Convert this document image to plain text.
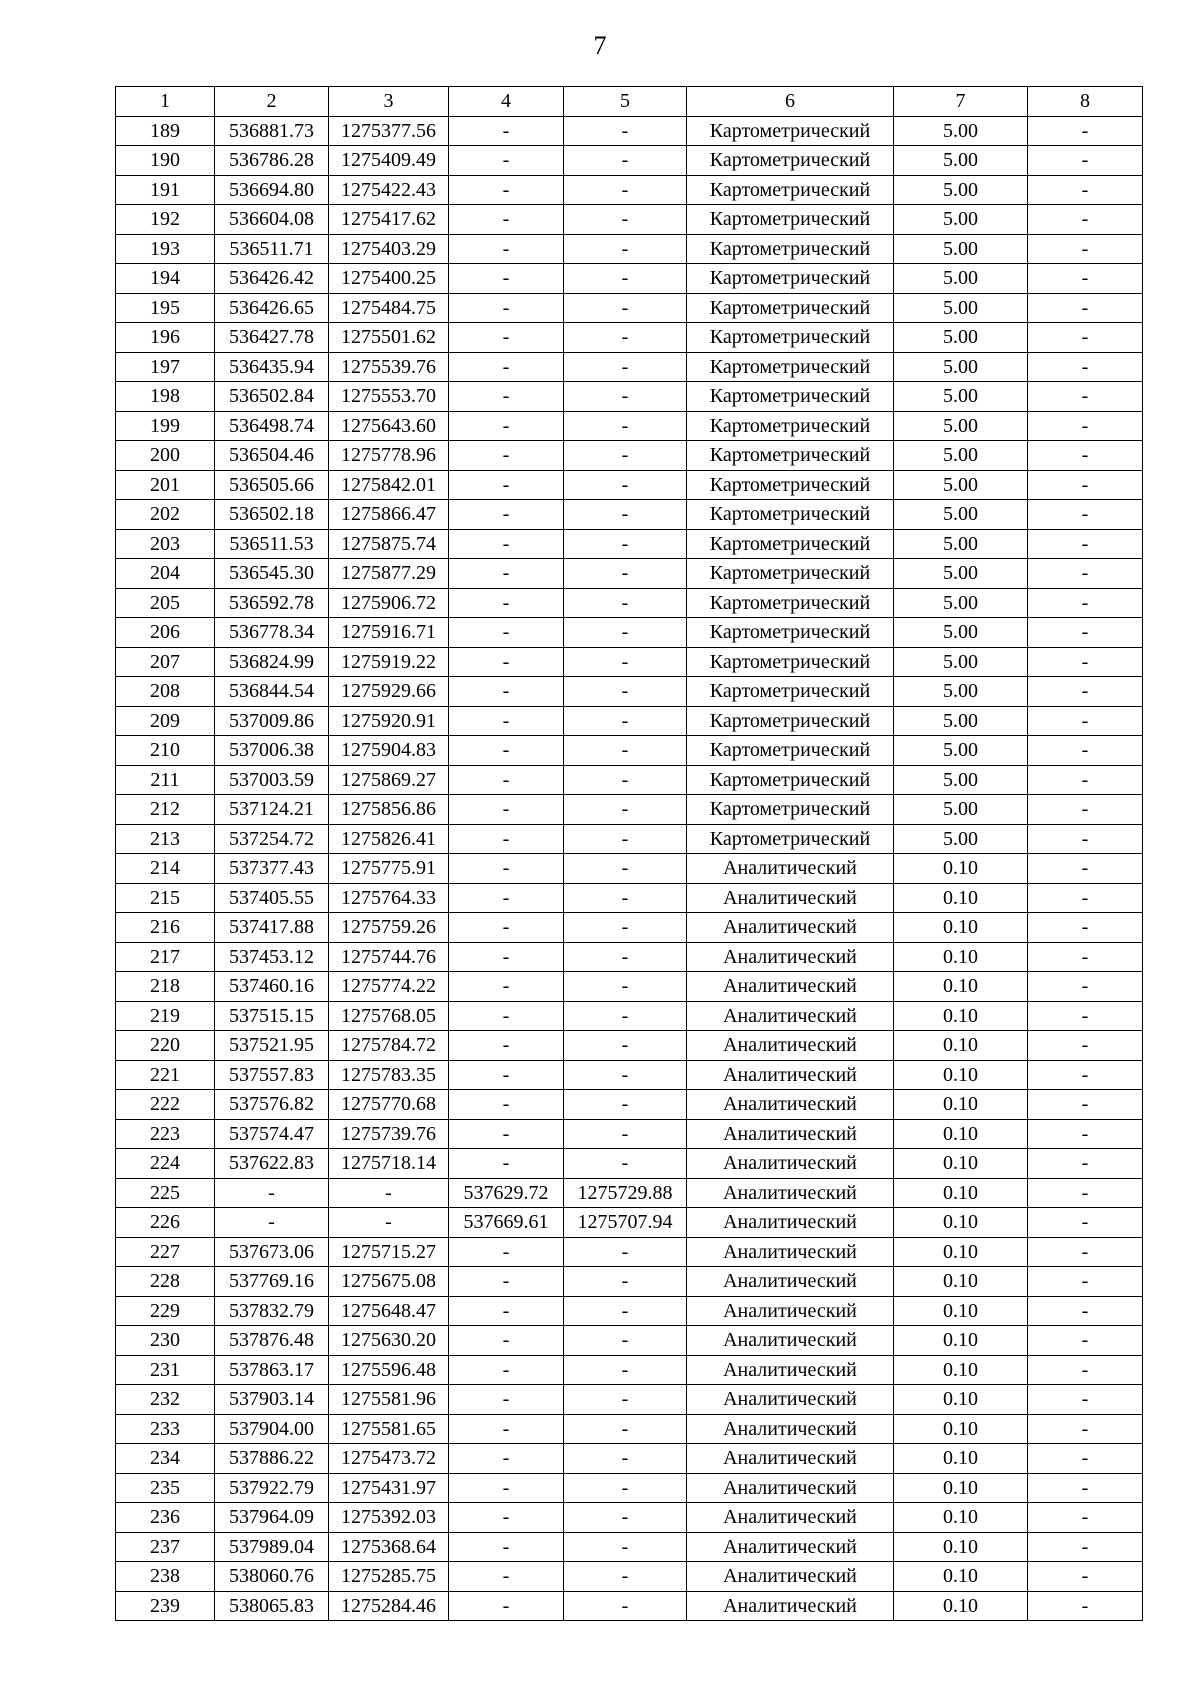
7
1	2	3	4	5	6	7	8
189	536881.73	1275377.56	-	-	Картометрический	5.00	-
190	536786.28	1275409.49	-	-	Картометрический	5.00	-
191	536694.80	1275422.43	-	-	Картометрический	5.00	-
192	536604.08	1275417.62	-	-	Картометрический	5.00	-
193	536511.71	1275403.29	-	-	Картометрический	5.00	-
194	536426.42	1275400.25	-	-	Картометрический	5.00	-
195	536426.65	1275484.75	-	-	Картометрический	5.00	-
196	536427.78	1275501.62	-	-	Картометрический	5.00	-
197	536435.94	1275539.76	-	-	Картометрический	5.00	-
198	536502.84	1275553.70	-	-	Картометрический	5.00	-
199	536498.74	1275643.60	-	-	Картометрический	5.00	-
200	536504.46	1275778.96	-	-	Картометрический	5.00	-
201	536505.66	1275842.01	-	-	Картометрический	5.00	-
202	536502.18	1275866.47	-	-	Картометрический	5.00	-
203	536511.53	1275875.74	-	-	Картометрический	5.00	-
204	536545.30	1275877.29	-	-	Картометрический	5.00	-
205	536592.78	1275906.72	-	-	Картометрический	5.00	-
206	536778.34	1275916.71	-	-	Картометрический	5.00	-
207	536824.99	1275919.22	-	-	Картометрический	5.00	-
208	536844.54	1275929.66	-	-	Картометрический	5.00	-
209	537009.86	1275920.91	-	-	Картометрический	5.00	-
210	537006.38	1275904.83	-	-	Картометрический	5.00	-
211	537003.59	1275869.27	-	-	Картометрический	5.00	-
212	537124.21	1275856.86	-	-	Картометрический	5.00	-
213	537254.72	1275826.41	-	-	Картометрический	5.00	-
214	537377.43	1275775.91	-	-	Аналитический	0.10	-
215	537405.55	1275764.33	-	-	Аналитический	0.10	-
216	537417.88	1275759.26	-	-	Аналитический	0.10	-
217	537453.12	1275744.76	-	-	Аналитический	0.10	-
218	537460.16	1275774.22	-	-	Аналитический	0.10	-
219	537515.15	1275768.05	-	-	Аналитический	0.10	-
220	537521.95	1275784.72	-	-	Аналитический	0.10	-
221	537557.83	1275783.35	-	-	Аналитический	0.10	-
222	537576.82	1275770.68	-	-	Аналитический	0.10	-
223	537574.47	1275739.76	-	-	Аналитический	0.10	-
224	537622.83	1275718.14	-	-	Аналитический	0.10	-
225	-	-	537629.72	1275729.88	Аналитический	0.10	-
226	-	-	537669.61	1275707.94	Аналитический	0.10	-
227	537673.06	1275715.27	-	-	Аналитический	0.10	-
228	537769.16	1275675.08	-	-	Аналитический	0.10	-
229	537832.79	1275648.47	-	-	Аналитический	0.10	-
230	537876.48	1275630.20	-	-	Аналитический	0.10	-
231	537863.17	1275596.48	-	-	Аналитический	0.10	-
232	537903.14	1275581.96	-	-	Аналитический	0.10	-
233	537904.00	1275581.65	-	-	Аналитический	0.10	-
234	537886.22	1275473.72	-	-	Аналитический	0.10	-
235	537922.79	1275431.97	-	-	Аналитический	0.10	-
236	537964.09	1275392.03	-	-	Аналитический	0.10	-
237	537989.04	1275368.64	-	-	Аналитический	0.10	-
238	538060.76	1275285.75	-	-	Аналитический	0.10	-
239	538065.83	1275284.46	-	-	Аналитический	0.10	-
